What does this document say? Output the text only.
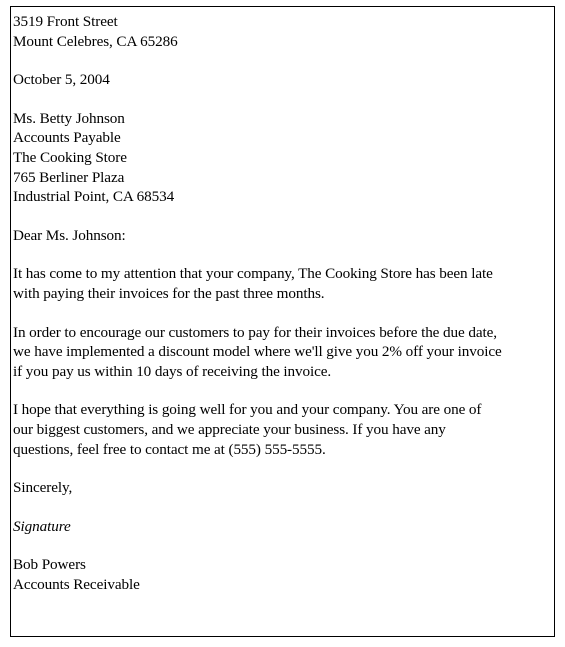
3519 Front Street
Mount Celebres, CA 65286
October 5, 2004
Ms. Betty Johnson
Accounts Payable
The Cooking Store
765 Berliner Plaza
Industrial Point, CA 68534
Dear Ms. Johnson:
It has come to my attention that your company, The Cooking Store has been late
with paying their invoices for the past three months.
In order to encourage our customers to pay for their invoices before the due date,
we have implemented a discount model where we'll give you 2% off your invoice
if you pay us within 10 days of receiving the invoice.
I hope that everything is going well for you and your company. You are one of
our biggest customers, and we appreciate your business. If you have any
questions, feel free to contact me at (555) 555-5555.
Sincerely,
Signature
Bob Powers
Accounts Receivable
